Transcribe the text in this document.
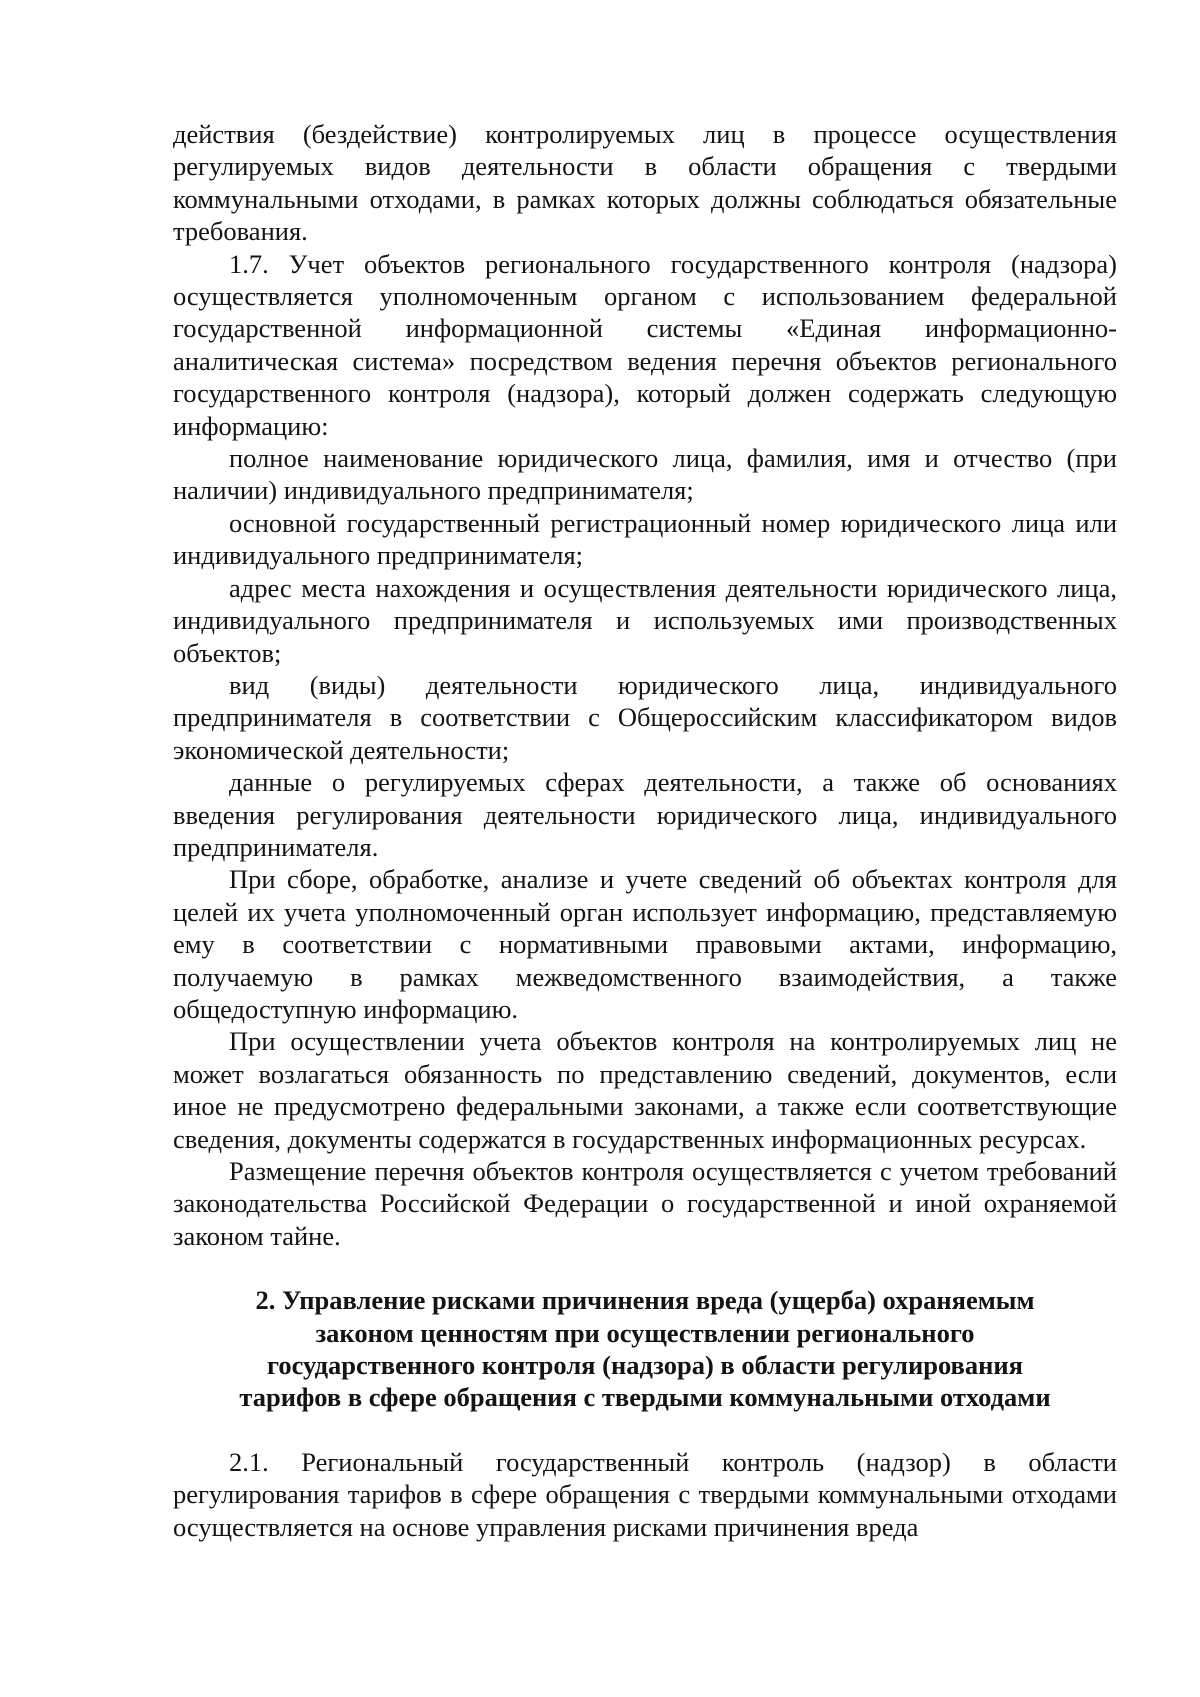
действия (бездействие) контролируемых лиц в процессе осуществления регулируемых видов деятельности в области обращения с твердыми коммунальными отходами, в рамках которых должны соблюдаться обязательные требования.

1.7. Учет объектов регионального государственного контроля (надзора) осуществляется уполномоченным органом с использованием федеральной государственной информационной системы «Единая информационно-аналитическая система» посредством ведения перечня объектов регионального государственного контроля (надзора), который должен содержать следующую информацию:

полное наименование юридического лица, фамилия, имя и отчество (при наличии) индивидуального предпринимателя;

основной государственный регистрационный номер юридического лица или индивидуального предпринимателя;

адрес места нахождения и осуществления деятельности юридического лица, индивидуального предпринимателя и используемых ими производственных объектов;

вид (виды) деятельности юридического лица, индивидуального предпринимателя в соответствии с Общероссийским классификатором видов экономической деятельности;

данные о регулируемых сферах деятельности, а также об основаниях введения регулирования деятельности юридического лица, индивидуального предпринимателя.

При сборе, обработке, анализе и учете сведений об объектах контроля для целей их учета уполномоченный орган использует информацию, представляемую ему в соответствии с нормативными правовыми актами, информацию, получаемую в рамках межведомственного взаимодействия, а также общедоступную информацию.

При осуществлении учета объектов контроля на контролируемых лиц не может возлагаться обязанность по представлению сведений, документов, если иное не предусмотрено федеральными законами, а также если соответствующие сведения, документы содержатся в государственных информационных ресурсах.

Размещение перечня объектов контроля осуществляется с учетом требований законодательства Российской Федерации о государственной и иной охраняемой законом тайне.

2. Управление рисками причинения вреда (ущерба) охраняемым
законом ценностям при осуществлении регионального
государственного контроля (надзора) в области регулирования
тарифов в сфере обращения с твердыми коммунальными отходами

2.1. Региональный государственный контроль (надзор) в области регулирования тарифов в сфере обращения с твердыми коммунальными отходами осуществляется на основе управления рисками причинения вреда
